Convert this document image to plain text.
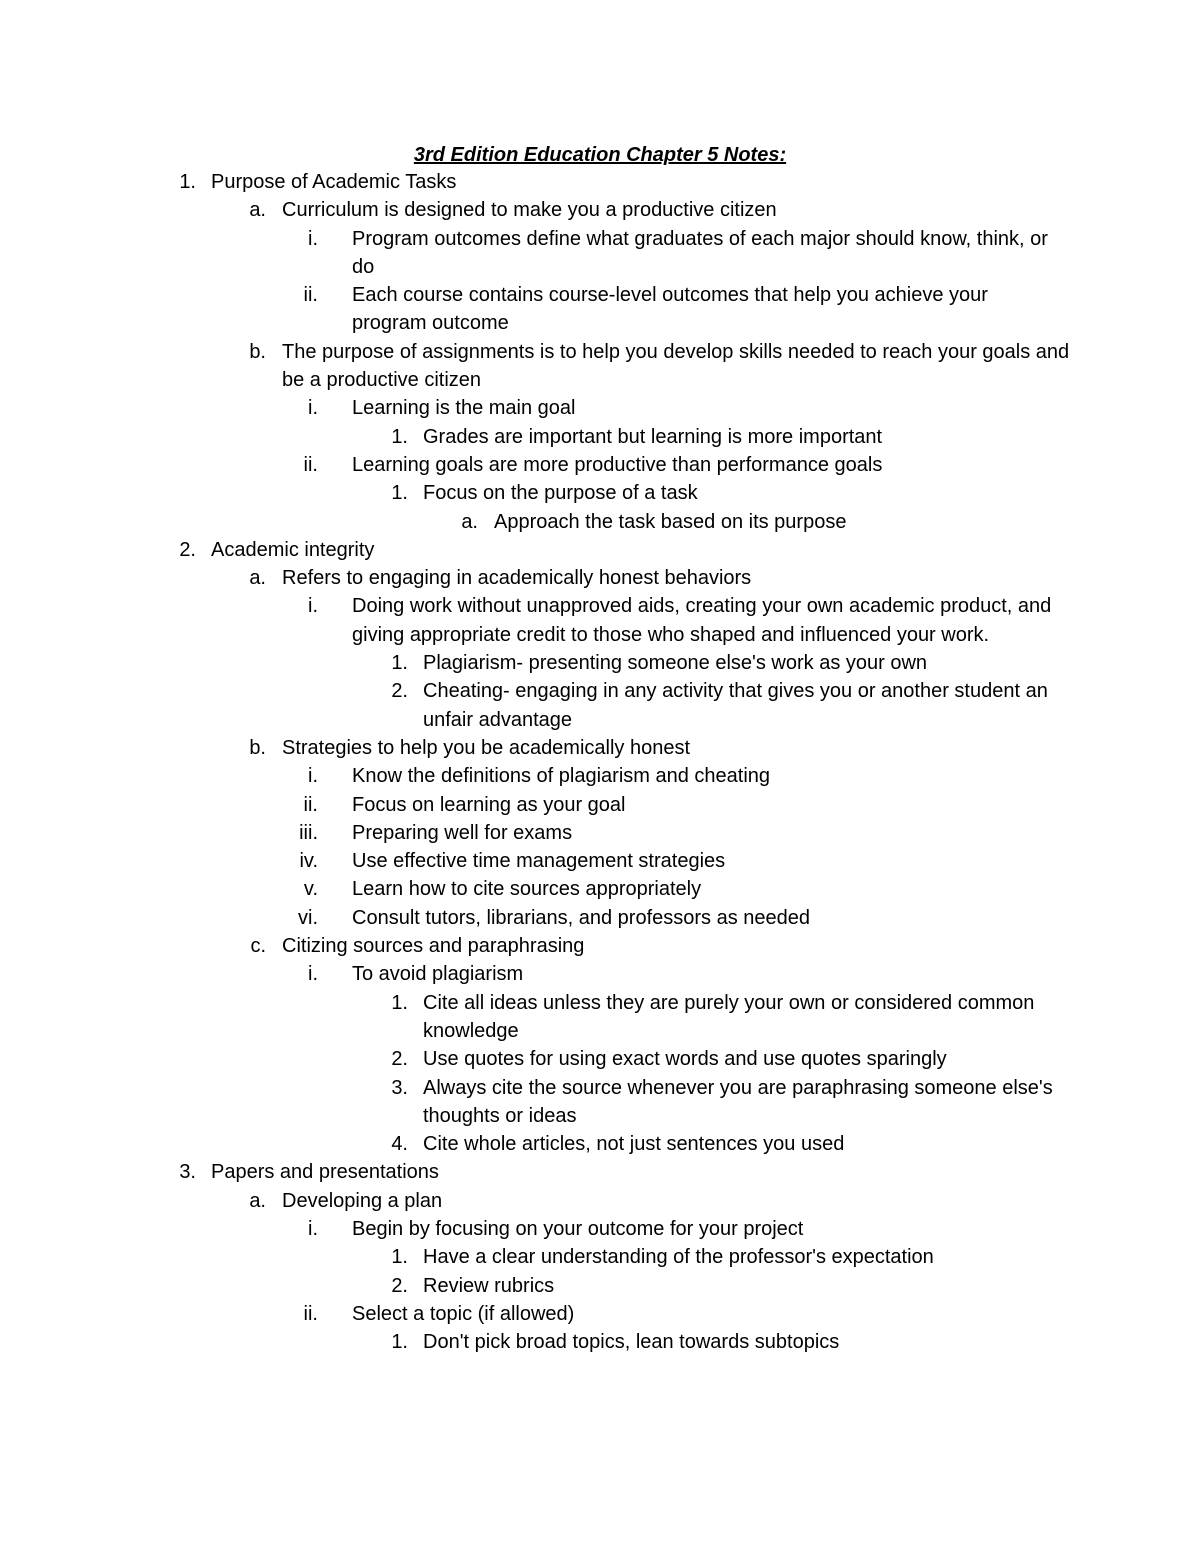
3rd Edition Education Chapter 5 Notes:
1. Purpose of Academic Tasks
a. Curriculum is designed to make you a productive citizen
i. Program outcomes define what graduates of each major should know, think, or do
ii. Each course contains course-level outcomes that help you achieve your program outcome
b. The purpose of assignments is to help you develop skills needed to reach your goals and be a productive citizen
i. Learning is the main goal
1. Grades are important but learning is more important
ii. Learning goals are more productive than performance goals
1. Focus on the purpose of a task
a. Approach the task based on its purpose
2. Academic integrity
a. Refers to engaging in academically honest behaviors
i. Doing work without unapproved aids, creating your own academic product, and giving appropriate credit to those who shaped and influenced your work.
1. Plagiarism- presenting someone else's work as your own
2. Cheating- engaging in any activity that gives you or another student an unfair advantage
b. Strategies to help you be academically honest
i. Know the definitions of plagiarism and cheating
ii. Focus on learning as your goal
iii. Preparing well for exams
iv. Use effective time management strategies
v. Learn how to cite sources appropriately
vi. Consult tutors, librarians, and professors as needed
c. Citizing sources and paraphrasing
i. To avoid plagiarism
1. Cite all ideas unless they are purely your own or considered common knowledge
2. Use quotes for using exact words and use quotes sparingly
3. Always cite the source whenever you are paraphrasing someone else's thoughts or ideas
4. Cite whole articles, not just sentences you used
3. Papers and presentations
a. Developing a plan
i. Begin by focusing on your outcome for your project
1. Have a clear understanding of the professor's expectation
2. Review rubrics
ii. Select a topic (if allowed)
1. Don't pick broad topics, lean towards subtopics
